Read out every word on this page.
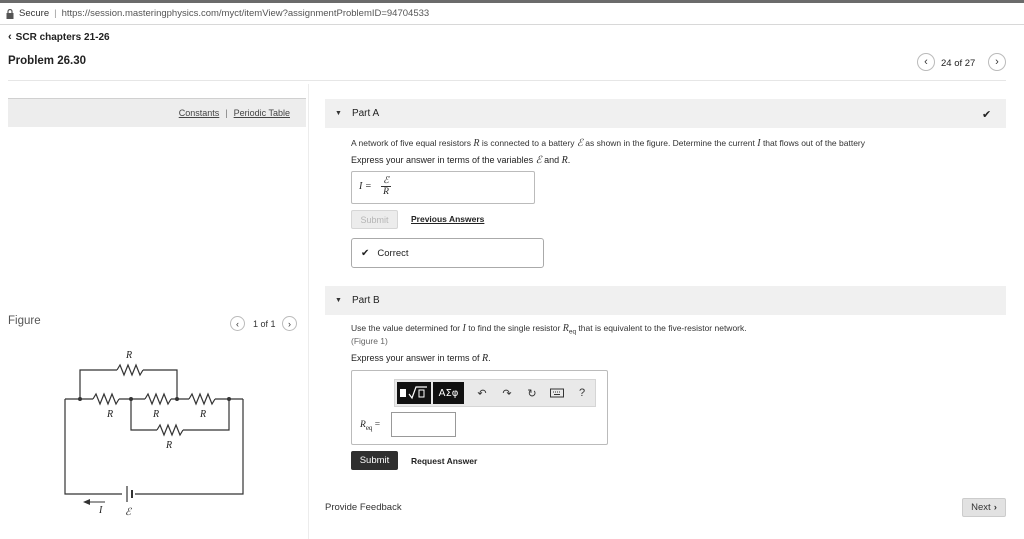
Secure | https://session.masteringphysics.com/myct/itemView?assignmentProblemID=94704533
‹ SCR chapters 21-26
Problem 26.30	‹ 24 of 27 ›
Constants | Periodic Table
Figure	‹ 1 of 1 ›
R
R	R	R
R
I ℰ
▼ Part A	✔
A network of five equal resistors R is connected to a battery ℰ as shown in the figure. Determine the current I that flows out of the battery
Express your answer in terms of the variables ℰ and R.
I = ℰ
R
Submit	Previous Answers
✔ Correct
▼ Part B
Use the value determined for I to find the single resistor $R_{eq}$ that is equivalent to the five-resistor network.
(Figure 1)
Express your answer in terms of R.
ΑΣφ	↶ ↷ ↻	?
$R_{eq}$ =
Submit	Request Answer
Provide Feedback	Next ›
